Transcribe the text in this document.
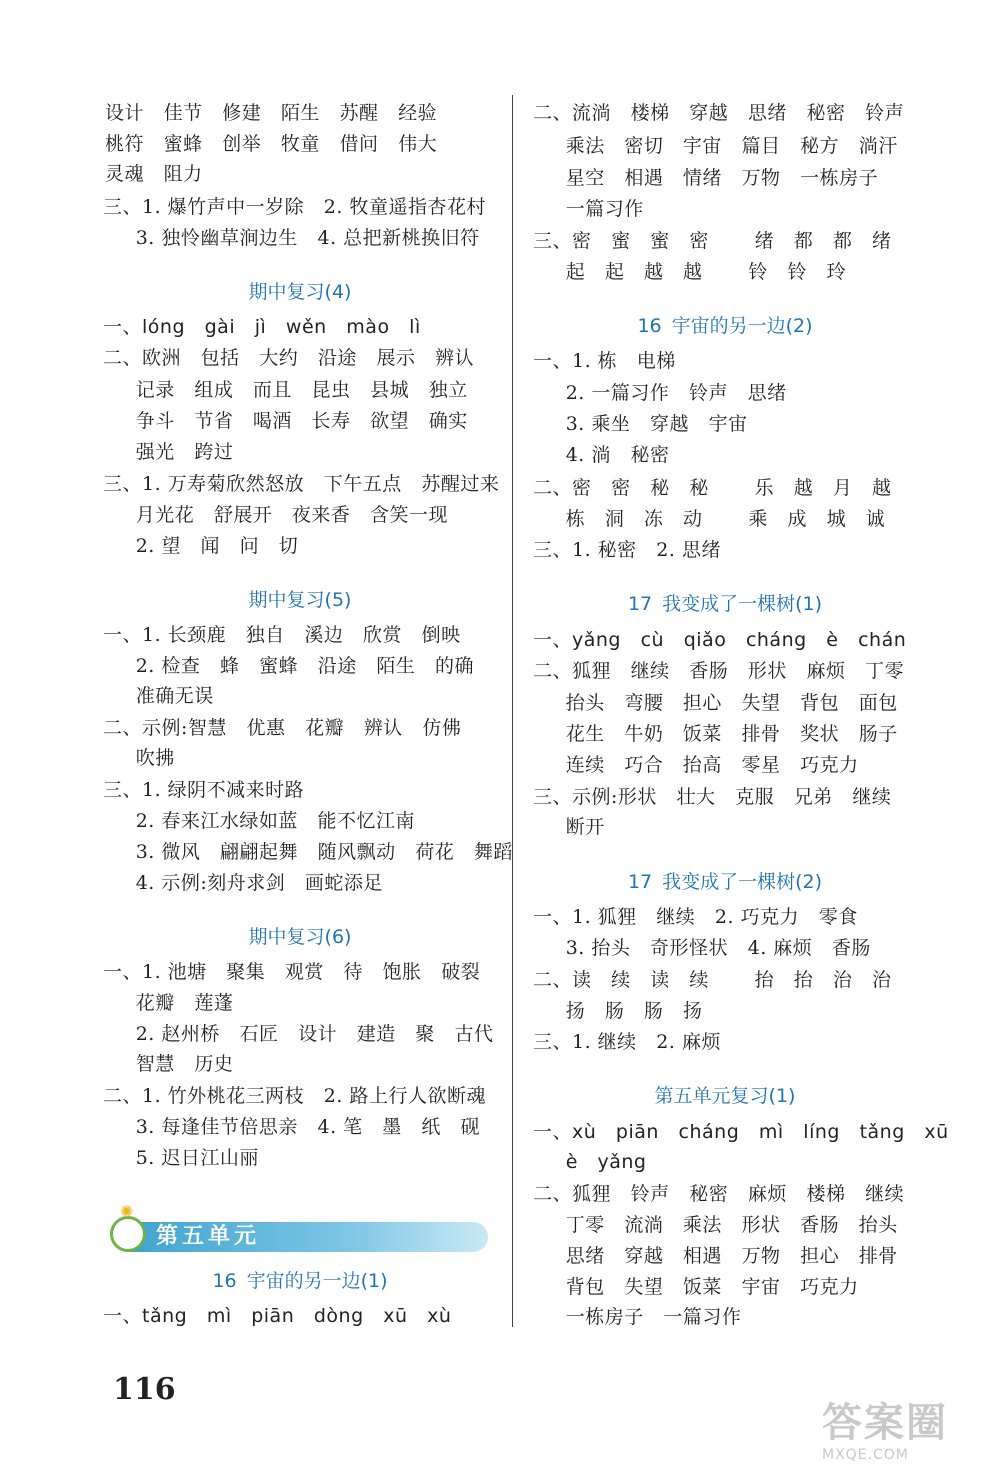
设计   佳节   修建   陌生   苏醒   经验
桃符   蜜蜂   创举   牧童   借问   伟大
灵魂   阻力
三、1. 爆竹声中一岁除   2. 牧童遥指杏花村
3. 独怜幽草涧边生   4. 总把新桃换旧符
期中复习(4)
一、lóng   gài   jì   wěn   mào   lì
二、欧洲   包括   大约   沿途   展示   辨认
记录   组成   而且   昆虫   县城   独立
争斗   节省   喝酒   长寿   欲望   确实
强光   跨过
三、1. 万寿菊欣然怒放   下午五点   苏醒过来
月光花   舒展开   夜来香   含笑一现
2. 望   闻   问   切
期中复习(5)
一、1. 长颈鹿   独自   溪边   欣赏   倒映
2. 检查   蜂   蜜蜂   沿途   陌生   的确
准确无误
二、示例:智慧   优惠   花瓣   辨认   仿佛
吹拂
三、1. 绿阴不减来时路
2. 春来江水绿如蓝   能不忆江南
3. 微风   翩翩起舞   随风飘动   荷花   舞蹈
4. 示例:刻舟求剑   画蛇添足
期中复习(6)
一、1. 池塘   聚集   观赏   待   饱胀   破裂
花瓣   莲蓬
2. 赵州桥   石匠   设计   建造   聚   古代
智慧   历史
二、1. 竹外桃花三两枝   2. 路上行人欲断魂
3. 每逢佳节倍思亲   4. 笔   墨   纸   砚
5. 迟日江山丽
16 宇宙的另一边(1)
一、tǎng   mì   piān   dòng   xū   xù
✺
第五单元
二、流淌   楼梯   穿越   思绪   秘密   铃声
乘法   密切   宇宙   篇目   秘方   淌汗
星空   相遇   情绪   万物   一栋房子
一篇习作
三、密   蜜   蜜   密       绪   都   都   绪
起   起   越   越       铃   铃   玲
16 宇宙的另一边(2)
一、1. 栋   电梯
2. 一篇习作   铃声   思绪
3. 乘坐   穿越   宇宙
4. 淌   秘密
二、密   密   秘   秘       乐   越   月   越
栋   洞   冻   动       乘   成   城   诚
三、1. 秘密   2. 思绪
17 我变成了一棵树(1)
一、yǎng   cù   qiǎo   cháng   è   chán
二、狐狸   继续   香肠   形状   麻烦   丁零
抬头   弯腰   担心   失望   背包   面包
花生   牛奶   饭菜   排骨   奖状   肠子
连续   巧合   抬高   零星   巧克力
三、示例:形状   壮大   克服   兄弟   继续
断开
17 我变成了一棵树(2)
一、1. 狐狸   继续   2. 巧克力   零食
3. 抬头   奇形怪状   4. 麻烦   香肠
二、读   续   读   续       抬   抬   治   治
扬   肠   肠   扬
三、1. 继续   2. 麻烦
第五单元复习(1)
一、xù   piān   cháng   mì   líng   tǎng   xū
è   yǎng
二、狐狸   铃声   秘密   麻烦   楼梯   继续
丁零   流淌   乘法   形状   香肠   抬头
思绪   穿越   相遇   万物   担心   排骨
背包   失望   饭菜   宇宙   巧克力
一栋房子   一篇习作
116
答案圈
MXQE.COM
